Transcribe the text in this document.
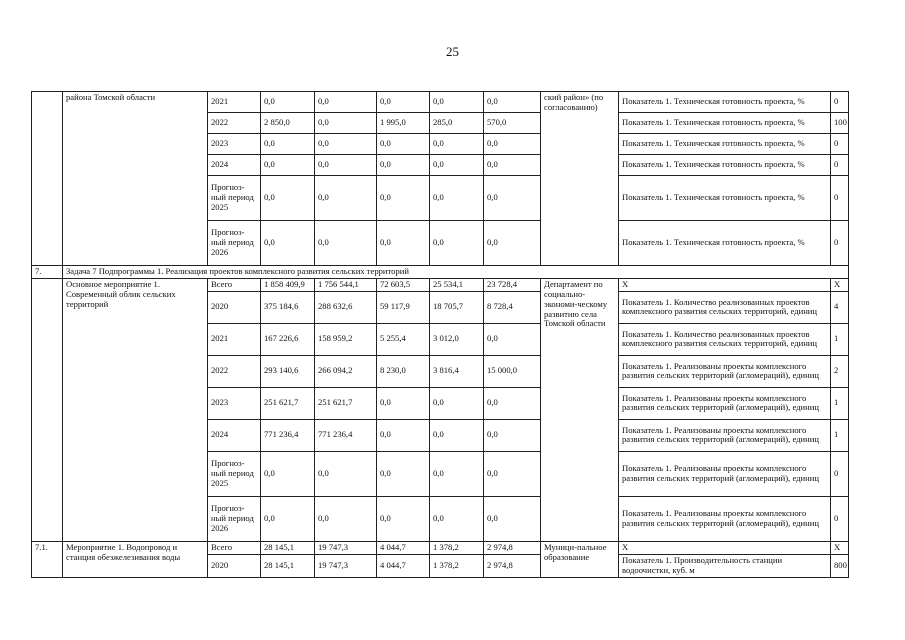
25
	района Томской области	2021	0,0	0,0	0,0	0,0	0,0	ский район» (по согласованию)	Показатель 1. Техническая готовность проекта, %	0
		2022	2 850,0	0,0	1 995,0	285,0	570,0		Показатель 1. Техническая готовность проекта, %	100
		2023	0,0	0,0	0,0	0,0	0,0		Показатель 1. Техническая готовность проекта, %	0
		2024	0,0	0,0	0,0	0,0	0,0		Показатель 1. Техническая готовность проекта, %	0
		Прогноз-ный период 2025	0,0	0,0	0,0	0,0	0,0		Показатель 1. Техническая готовность проекта, %	0
		Прогноз-ный период 2026	0,0	0,0	0,0	0,0	0,0		Показатель 1. Техническая готовность проекта, %	0
7.	Задача 7 Подпрограммы 1. Реализация проектов комплексного развития сельских территорий									
	Основное мероприятие 1. Современный облик сельских территорий	Всего	1 858 409,9	1 756 544,1	72 603,5	25 534,1	23 728,4	Департамент по социально-экономи-ческому развитию села Томской области	Х	Х
		2020	375 184,6	288 632,6	59 117,9	18 705,7	8 728,4		Показатель 1. Количество реализованных проектов комплексного развития сельских территорий, единиц	4
		2021	167 226,6	158 959,2	5 255,4	3 012,0	0,0		Показатель 1. Количество реализованных проектов комплексного развития сельских территорий, единиц	1
		2022	293 140,6	266 094,2	8 230,0	3 816,4	15 000,0		Показатель 1. Реализованы проекты комплексного развития сельских территорий (агломераций), единиц	2
		2023	251 621,7	251 621,7	0,0	0,0	0,0		Показатель 1. Реализованы проекты комплексного развития сельских территорий (агломераций), единиц	1
		2024	771 236,4	771 236,4	0,0	0,0	0,0		Показатель 1. Реализованы проекты комплексного развития сельских территорий (агломераций), единиц	1
		Прогноз-ный период 2025	0,0	0,0	0,0	0,0	0,0		Показатель 1. Реализованы проекты комплексного развития сельских территорий (агломераций), единиц	0
		Прогноз-ный период 2026	0,0	0,0	0,0	0,0	0,0		Показатель 1. Реализованы проекты комплексного развития сельских территорий (агломераций), единиц	0
7.1.	Мероприятие 1. Водопровод и станция обезжелезивания воды	Всего	28 145,1	19 747,3	4 044,7	1 378,2	2 974,8	Муници-пальное образование	Х	Х
		2020	28 145,1	19 747,3	4 044,7	1 378,2	2 974,8		Показатель 1. Производительность станции водоочистки, куб. м	800
